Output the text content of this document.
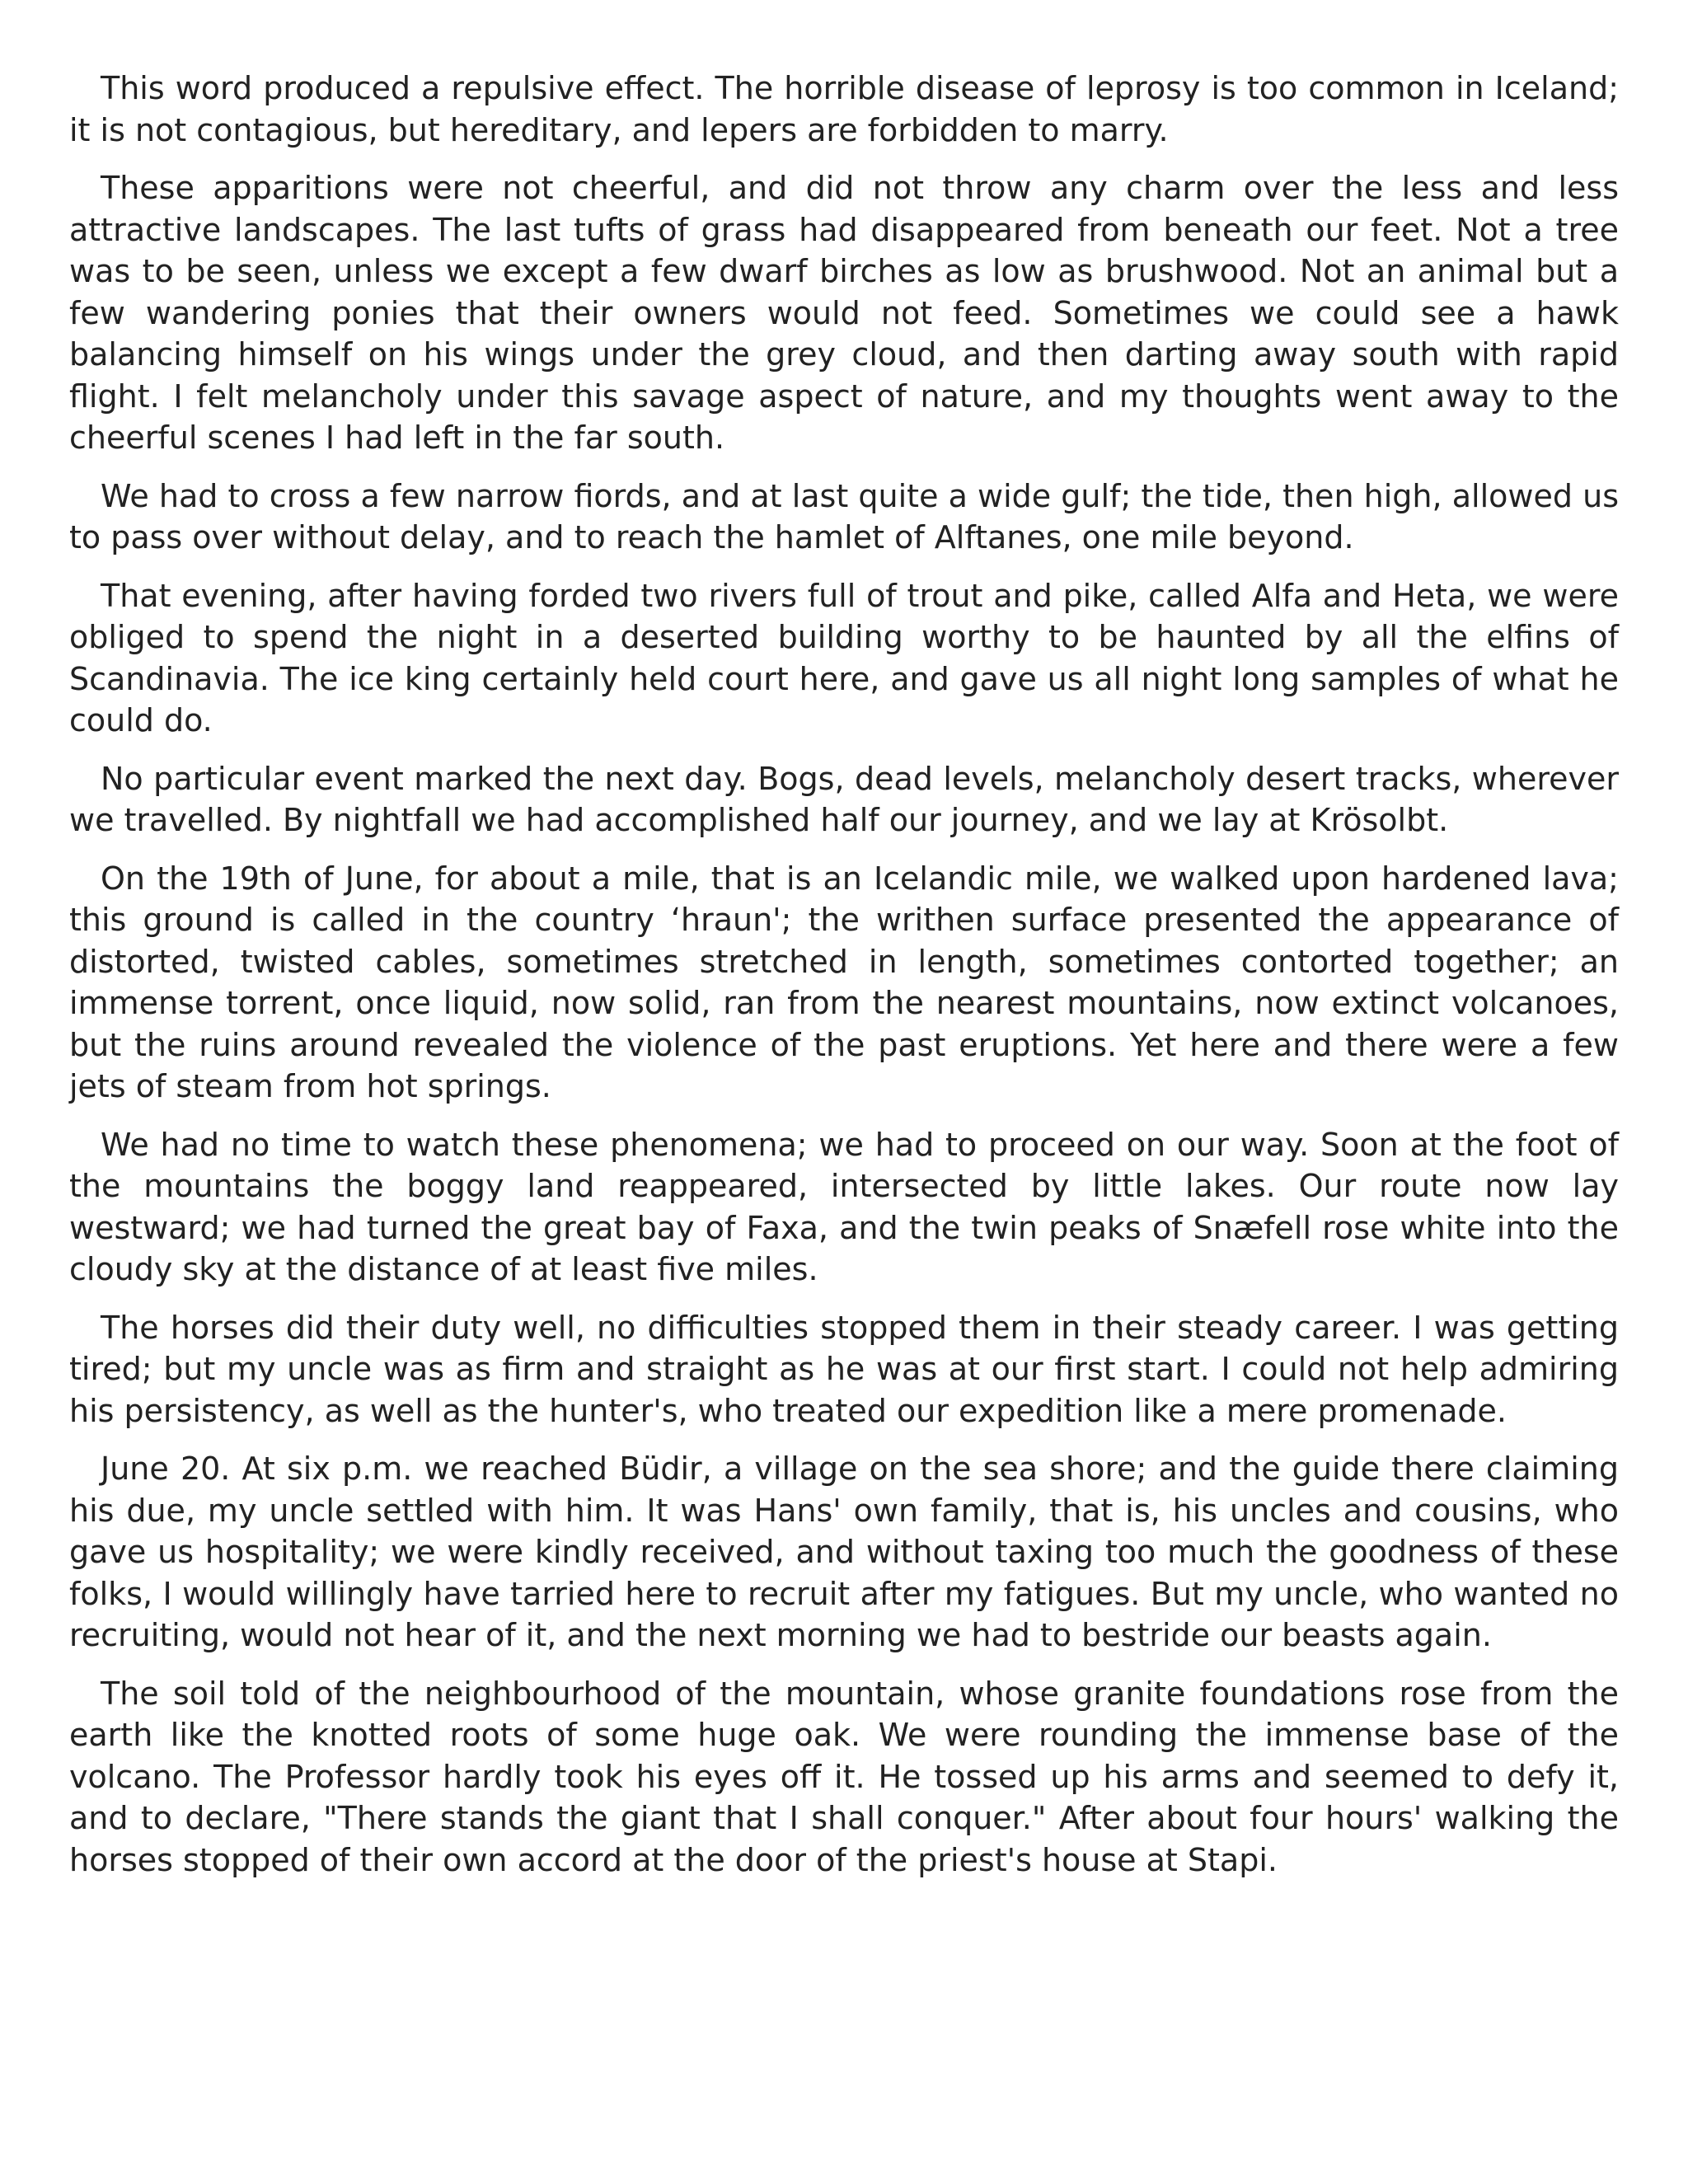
This word produced a repulsive effect. The horrible disease of leprosy is too common in Iceland; it is not contagious, but hereditary, and lepers are forbidden to marry.

These apparitions were not cheerful, and did not throw any charm over the less and less attractive landscapes. The last tufts of grass had disappeared from beneath our feet. Not a tree was to be seen, unless we except a few dwarf birches as low as brushwood. Not an animal but a few wandering ponies that their owners would not feed. Sometimes we could see a hawk balancing himself on his wings under the grey cloud, and then darting away south with rapid flight. I felt melancholy under this savage aspect of nature, and my thoughts went away to the cheerful scenes I had left in the far south.

We had to cross a few narrow fiords, and at last quite a wide gulf; the tide, then high, allowed us to pass over without delay, and to reach the hamlet of Alftanes, one mile beyond.

That evening, after having forded two rivers full of trout and pike, called Alfa and Heta, we were obliged to spend the night in a deserted building worthy to be haunted by all the elfins of Scandinavia. The ice king certainly held court here, and gave us all night long samples of what he could do.

No particular event marked the next day. Bogs, dead levels, melancholy desert tracks, wherever we travelled. By nightfall we had accomplished half our journey, and we lay at Krösolbt.

On the 19th of June, for about a mile, that is an Icelandic mile, we walked upon hardened lava; this ground is called in the country ‘hraun'; the writhen surface presented the appearance of distorted, twisted cables, sometimes stretched in length, sometimes contorted together; an immense torrent, once liquid, now solid, ran from the nearest mountains, now extinct volcanoes, but the ruins around revealed the violence of the past eruptions. Yet here and there were a few jets of steam from hot springs.

We had no time to watch these phenomena; we had to proceed on our way. Soon at the foot of the mountains the boggy land reappeared, intersected by little lakes. Our route now lay westward; we had turned the great bay of Faxa, and the twin peaks of Snæfell rose white into the cloudy sky at the distance of at least five miles.

The horses did their duty well, no difficulties stopped them in their steady career. I was getting tired; but my uncle was as firm and straight as he was at our first start. I could not help admiring his persistency, as well as the hunter's, who treated our expedition like a mere promenade.

June 20. At six p.m. we reached Büdir, a village on the sea shore; and the guide there claiming his due, my uncle settled with him. It was Hans' own family, that is, his uncles and cousins, who gave us hospitality; we were kindly received, and without taxing too much the goodness of these folks, I would willingly have tarried here to recruit after my fatigues. But my uncle, who wanted no recruiting, would not hear of it, and the next morning we had to bestride our beasts again.

The soil told of the neighbourhood of the mountain, whose granite foundations rose from the earth like the knotted roots of some huge oak. We were rounding the immense base of the volcano. The Professor hardly took his eyes off it. He tossed up his arms and seemed to defy it, and to declare, "There stands the giant that I shall conquer." After about four hours' walking the horses stopped of their own accord at the door of the priest's house at Stapi.
